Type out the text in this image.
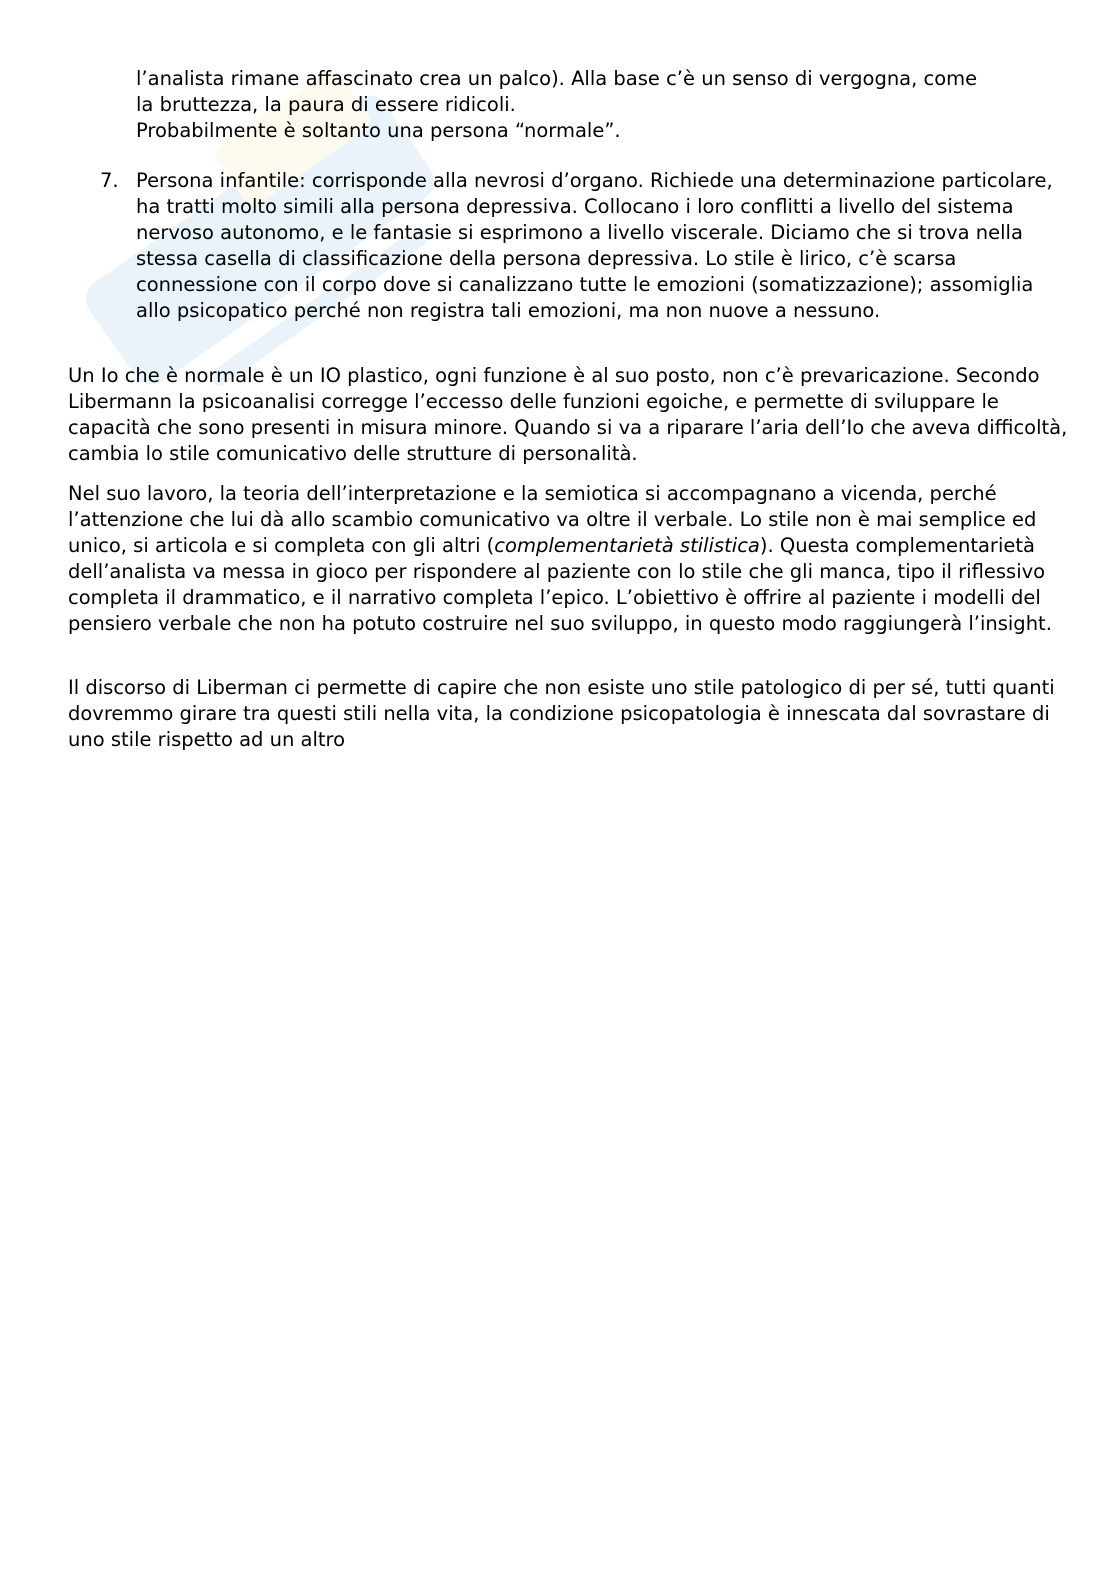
l’analista rimane affascinato crea un palco). Alla base c’è un senso di vergogna, come

la bruttezza, la paura di essere ridicoli.

Probabilmente è soltanto una persona “normale”.

7. Persona infantile: corrisponde alla nevrosi d’organo. Richiede una determinazione particolare, ha tratti molto simili alla persona depressiva. Collocano i loro conflitti a livello del sistema nervoso autonomo, e le fantasie si esprimono a livello viscerale. Diciamo che si trova nella stessa casella di classificazione della persona depressiva. Lo stile è lirico, c’è scarsa connessione con il corpo dove si canalizzano tutte le emozioni (somatizzazione); assomiglia allo psicopatico perché non registra tali emozioni, ma non nuove a nessuno.

Un Io che è normale è un IO plastico, ogni funzione è al suo posto, non c’è prevaricazione. Secondo Libermann la psicoanalisi corregge l’eccesso delle funzioni egoiche, e permette di sviluppare le capacità che sono presenti in misura minore. Quando si va a riparare l’aria dell’Io che aveva difficoltà, cambia lo stile comunicativo delle strutture di personalità.

Nel suo lavoro, la teoria dell’interpretazione e la semiotica si accompagnano a vicenda, perché l’attenzione che lui dà allo scambio comunicativo va oltre il verbale. Lo stile non è mai semplice ed unico, si articola e si completa con gli altri (complementarietà stilistica). Questa complementarietà dell’analista va messa in gioco per rispondere al paziente con lo stile che gli manca, tipo il riflessivo completa il drammatico, e il narrativo completa l’epico. L’obiettivo è offrire al paziente i modelli del pensiero verbale che non ha potuto costruire nel suo sviluppo, in questo modo raggiungerà l’insight.

Il discorso di Liberman ci permette di capire che non esiste uno stile patologico di per sé, tutti quanti dovremmo girare tra questi stili nella vita, la condizione psicopatologia è innescata dal sovrastare di uno stile rispetto ad un altro
